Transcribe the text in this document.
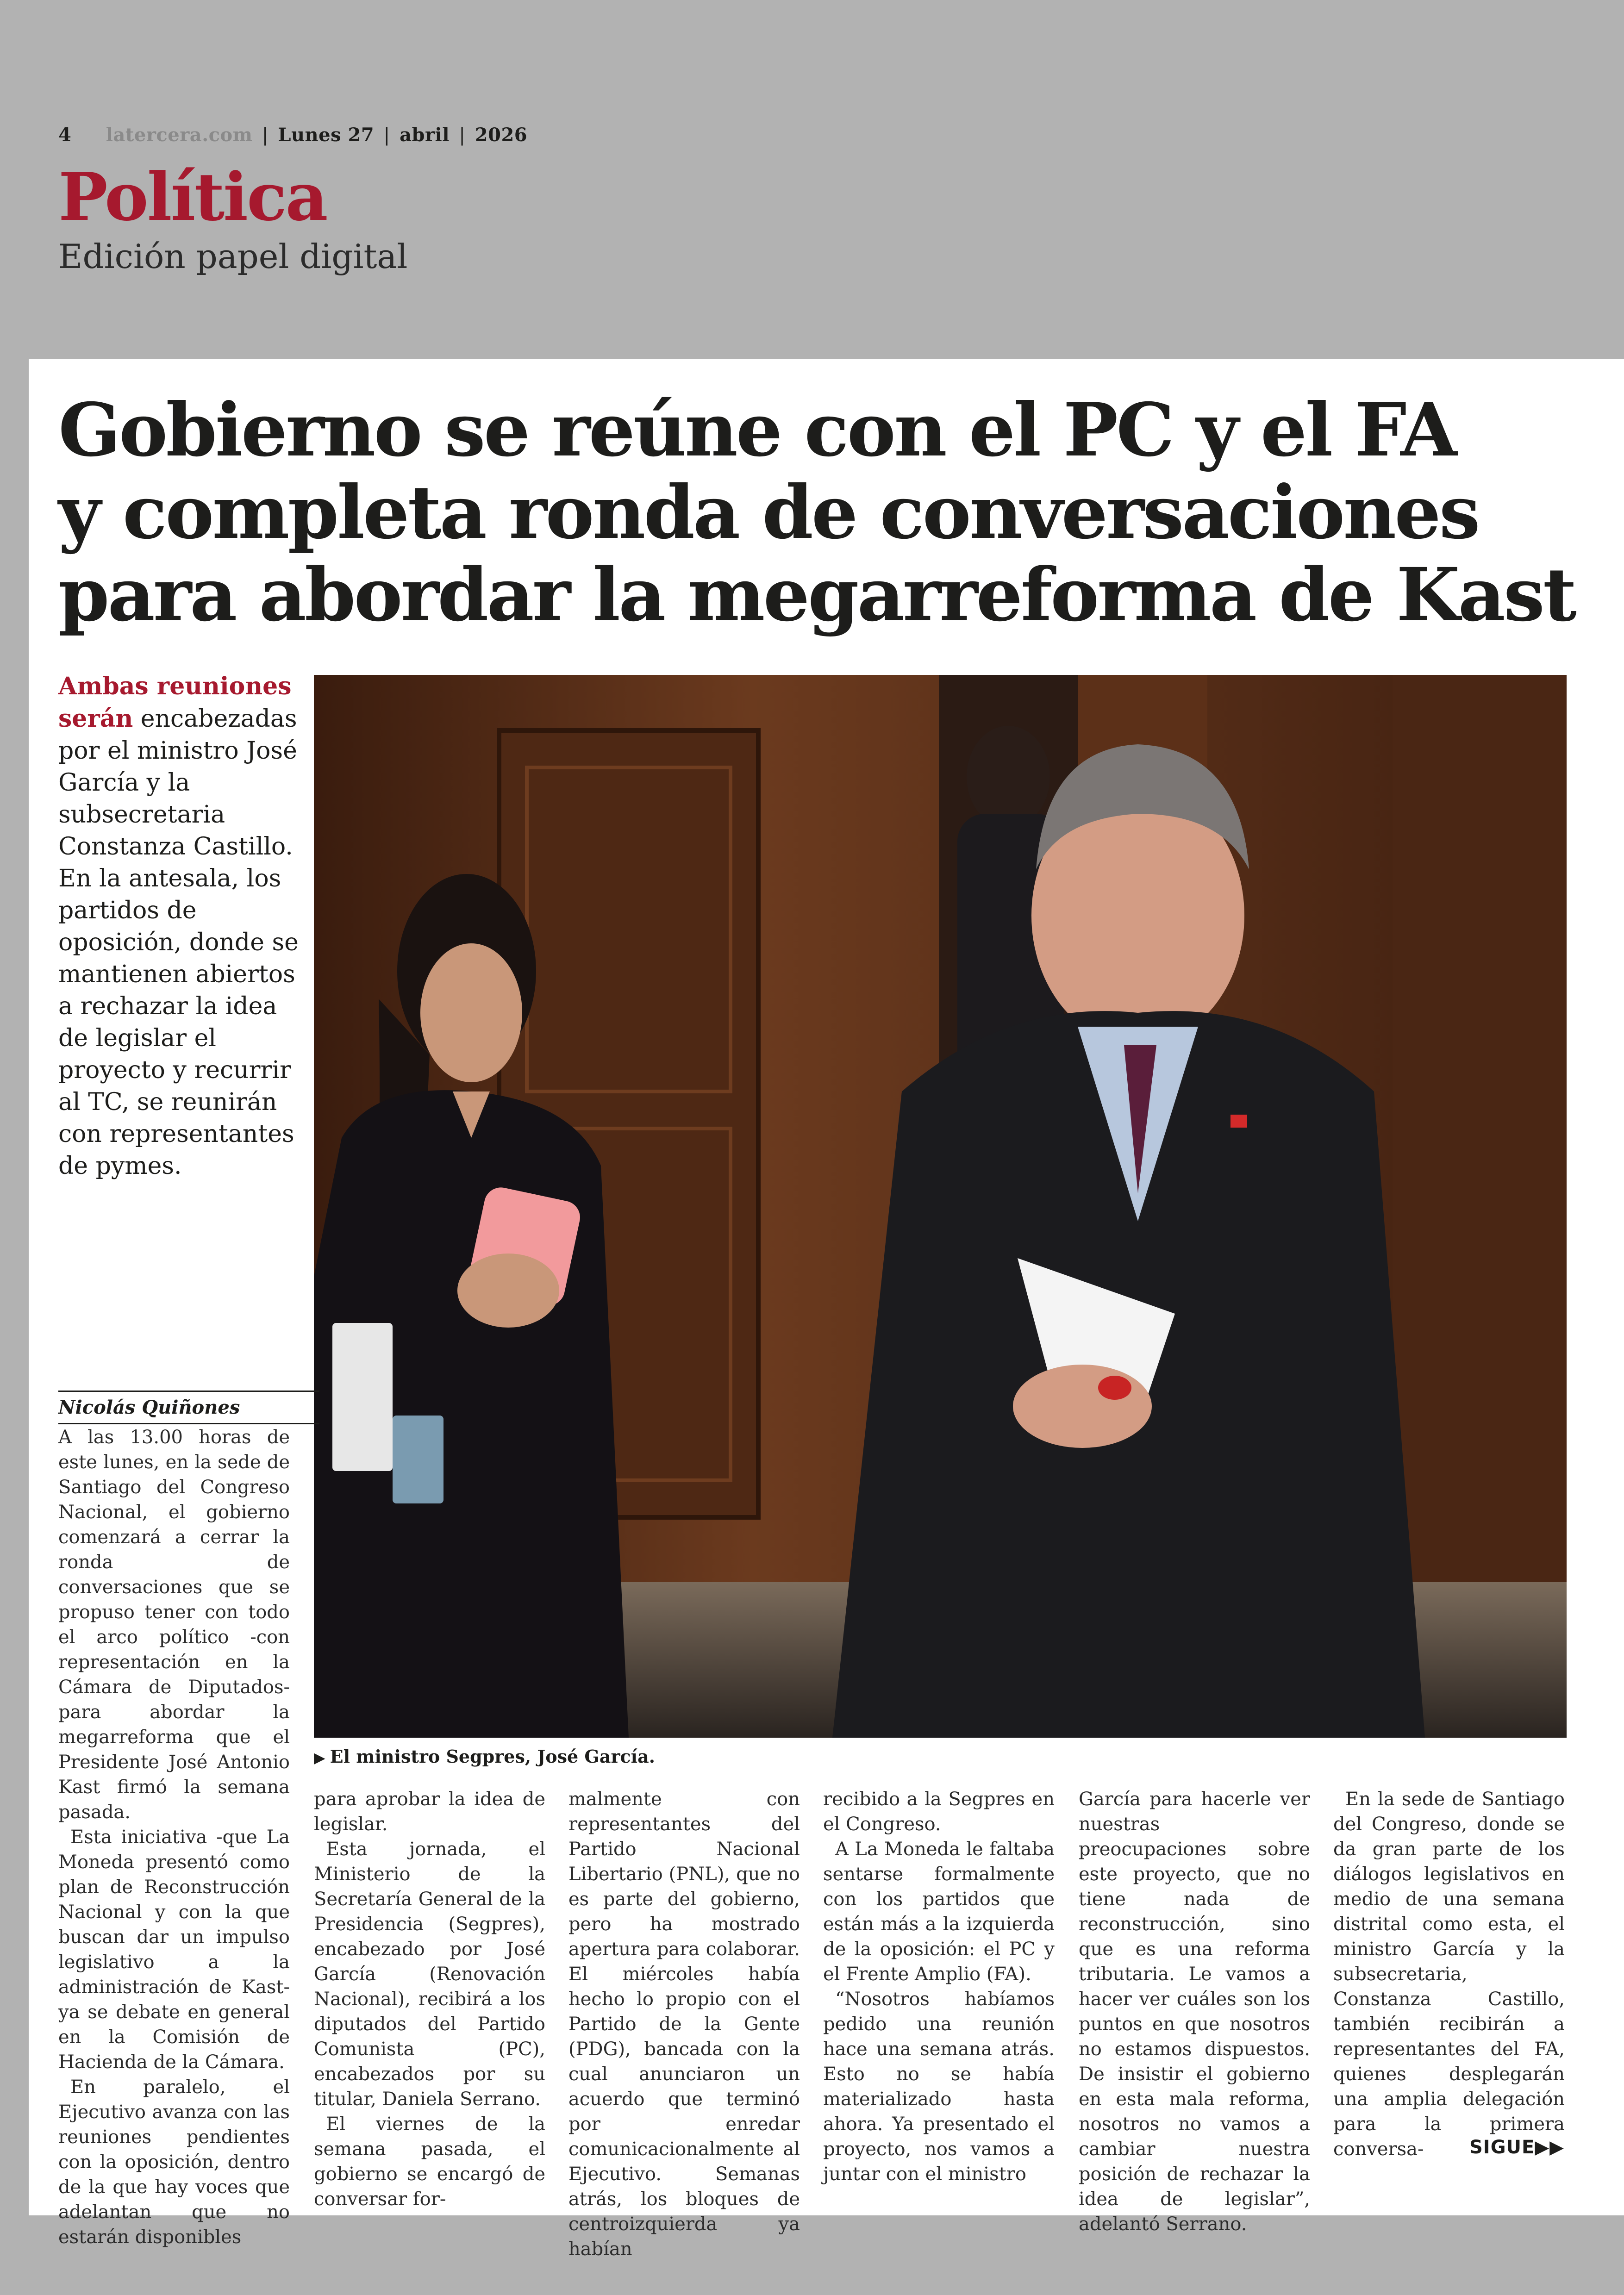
4 latercera.com | Lunes 27 | abril | 2026
Política
Edición papel digital
Gobierno se reúne con el PC y el FA
y completa ronda de conversaciones
para abordar la megarreforma de Kast
Ambas reuniones serán encabezadas por el ministro José García y la subsecretaria Constanza Castillo. En la antesala, los partidos de oposición, donde se mantienen abiertos a rechazar la idea de legislar el proyecto y recurrir al TC, se reunirán con representantes de pymes.
▶ El ministro Segpres, José García.
Nicolás Quiñones

A las 13.00 horas de este lunes, en la sede de Santiago del Congreso Nacional, el gobierno comenzará a cerrar la ronda de conversaciones que se propuso tener con todo el arco político -con representación en la Cámara de Diputados- para abordar la megarreforma que el Presidente José Antonio Kast firmó la semana pasada.

Esta iniciativa -que La Moneda presentó como plan de Reconstrucción Nacional y con la que buscan dar un impulso legislativo a la administración de Kast- ya se debate en general en la Comisión de Hacienda de la Cámara.

En paralelo, el Ejecutivo avanza con las reuniones pendientes con la oposición, dentro de la que hay voces que adelantan que no estarán disponibles

para aprobar la idea de legislar.

Esta jornada, el Ministerio de la Secretaría General de la Presidencia (Segpres), encabezado por José García (Renovación Nacional), recibirá a los diputados del Partido Comunista (PC), encabezados por su titular, Daniela Serrano.

El viernes de la semana pasada, el gobierno se encargó de conversar for-

malmente con representantes del Partido Nacional Libertario (PNL), que no es parte del gobierno, pero ha mostrado apertura para colaborar. El miércoles había hecho lo propio con el Partido de la Gente (PDG), bancada con la cual anunciaron un acuerdo que terminó por enredar comunicacionalmente al Ejecutivo. Semanas atrás, los bloques de centroizquierda ya habían

recibido a la Segpres en el Congreso.

A La Moneda le faltaba sentarse formalmente con los partidos que están más a la izquierda de la oposición: el PC y el Frente Amplio (FA).

“Nosotros habíamos pedido una reunión hace una semana atrás. Esto no se había materializado hasta ahora. Ya presentado el proyecto, nos vamos a juntar con el ministro

García para hacerle ver nuestras preocupaciones sobre este proyecto, que no tiene nada de reconstrucción, sino que es una reforma tributaria. Le vamos a hacer ver cuáles son los puntos en que nosotros no estamos dispuestos. De insistir el gobierno en esta mala reforma, nosotros no vamos a cambiar nuestra posición de rechazar la idea de legislar”, adelantó Serrano.

En la sede de Santiago del Congreso, donde se da gran parte de los diálogos legislativos en medio de una semana distrital como esta, el ministro García y la subsecretaria, Constanza Castillo, también recibirán a representantes del FA, quienes desplegarán una amplia delegación para la primera conversa-	SIGUE▶▶
